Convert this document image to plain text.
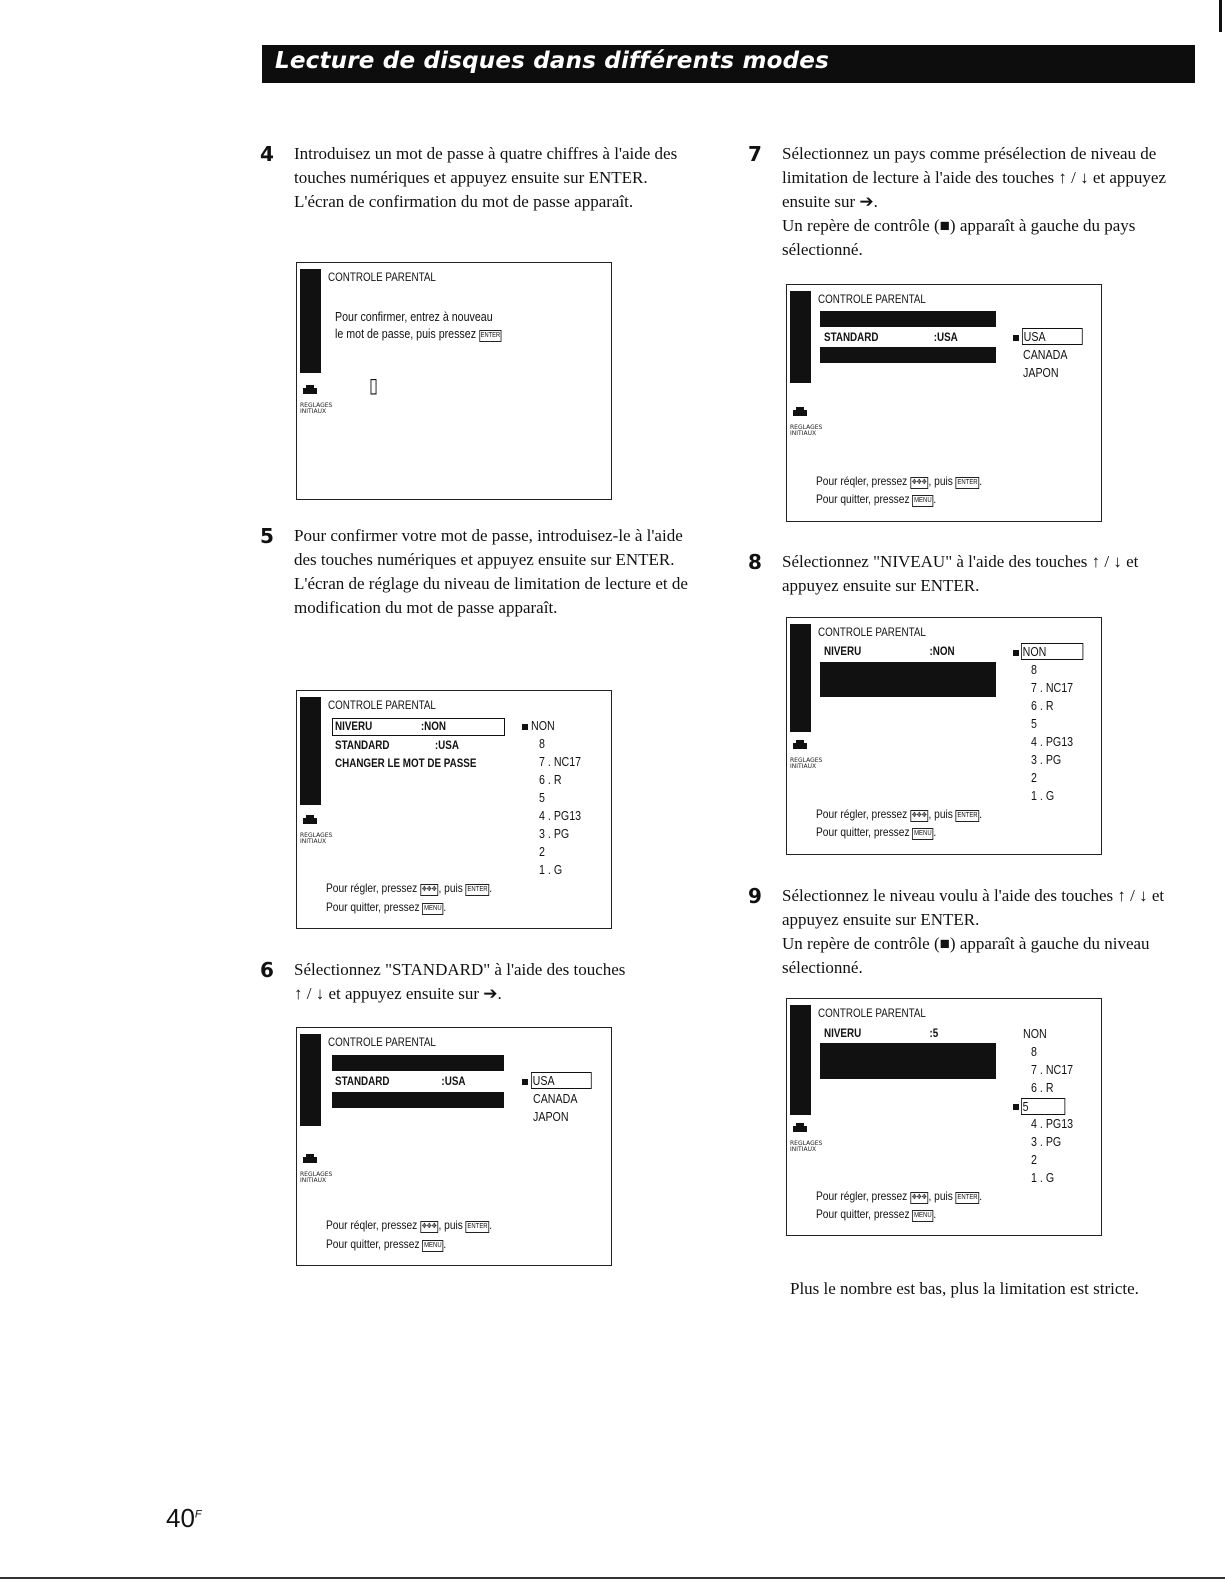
Lecture de disques dans différents modes
4 Introduisez un mot de passe à quatre chiffres à l'aide des touches numériques et appuyez ensuite sur ENTER.

L'écran de confirmation du mot de passe apparaît.

REGLAGES INITIAUX
CONTROLE PARENTAL
Pour confirmer, entrez à nouveau
le mot de passe, puis pressez ENTER
▯
5 Pour confirmer votre mot de passe, introduisez-le à l'aide des touches numériques et appuyez ensuite sur ENTER.

L'écran de réglage du niveau de limitation de lecture et de modification du mot de passe apparaît.

REGLAGES INITIAUX
CONTROLE PARENTAL
NIVERU	:NON
STANDARD	:USA
CHANGER LE MOT DE PASSE
NON
8
7 . NC17
6 . R
5
4 . PG13
3 . PG
2
1 . G
Pour régler, pressez ✥✥✥ , puis ENTER .
Pour quitter, pressez MENU .
6 Sélectionnez "STANDARD" à l'aide des touches

↑ / ↓ et appuyez ensuite sur ➔.

REGLAGES INITIAUX
CONTROLE PARENTAL
STANDARD	:USA	USA
CANADA
JAPON
Pour réqler, pressez ✥✥✥ , puis ENTER .
Pour quitter, pressez MENU .
7 Sélectionnez un pays comme présélection de niveau de limitation de lecture à l'aide des touches ↑ / ↓ et appuyez ensuite sur ➔.

Un repère de contrôle (■) apparaît à gauche du pays sélectionné.

REGLAGES INITIAUX
CONTROLE PARENTAL
STANDARD	:USA	USA
CANADA
JAPON
Pour réqler, pressez ✥✥✥ , puis ENTER .
Pour quitter, pressez MENU .
8 Sélectionnez "NIVEAU" à l'aide des touches ↑ / ↓ et appuyez ensuite sur ENTER.

REGLAGES INITIAUX
CONTROLE PARENTAL
NIVERU	:NON	NON
8
7 . NC17
6 . R
5
4 . PG13
3 . PG
2
1 . G
Pour régler, pressez ✥✥✥ , puis ENTER .
Pour quitter, pressez MENU .
9 Sélectionnez le niveau voulu à l'aide des touches ↑ / ↓ et appuyez ensuite sur ENTER.

Un repère de contrôle (■) apparaît à gauche du niveau sélectionné.

REGLAGES INITIAUX
CONTROLE PARENTAL
NIVERU	:5	NON
8
7 . NC17
6 . R
5
4 . PG13
3 . PG
2
1 . G
Pour régler, pressez ✥✥✥ , puis ENTER .
Pour quitter, pressez MENU .
Plus le nombre est bas, plus la limitation est stricte.
$40^F$
